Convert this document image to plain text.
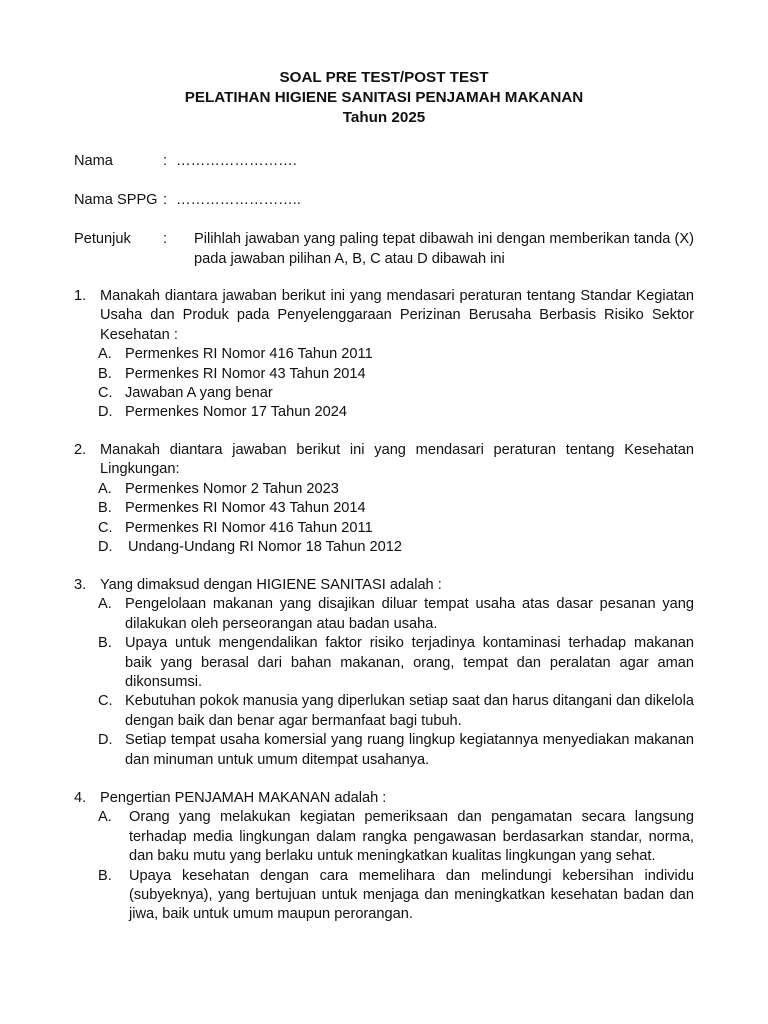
SOAL PRE TEST/POST TEST
PELATIHAN HIGIENE SANITASI PENJAMAH MAKANAN
Tahun 2025
Nama	: …………………….
Nama SPPG : ……………………..
Petunjuk : Pilihlah jawaban yang paling tepat dibawah ini dengan memberikan tanda (X) pada jawaban pilihan A, B, C atau D dibawah ini
1. Manakah diantara jawaban berikut ini yang mendasari peraturan tentang Standar Kegiatan Usaha dan Produk pada Penyelenggaraan Perizinan Berusaha Berbasis Risiko Sektor Kesehatan :
A. Permenkes RI Nomor 416 Tahun 2011
B. Permenkes RI Nomor 43 Tahun 2014
C. Jawaban A yang benar
D. Permenkes Nomor 17 Tahun 2024
2. Manakah diantara jawaban berikut ini yang mendasari peraturan tentang Kesehatan Lingkungan:
A. Permenkes Nomor 2 Tahun 2023
B. Permenkes RI Nomor 43 Tahun 2014
C. Permenkes RI Nomor 416 Tahun 2011
D. Undang-Undang RI Nomor 18 Tahun 2012
3. Yang dimaksud dengan HIGIENE SANITASI adalah :
A. Pengelolaan makanan yang disajikan diluar tempat usaha atas dasar pesanan yang dilakukan oleh perseorangan atau badan usaha.
B. Upaya untuk mengendalikan faktor risiko terjadinya kontaminasi terhadap makanan baik yang berasal dari bahan makanan, orang, tempat dan peralatan agar aman dikonsumsi.
C. Kebutuhan pokok manusia yang diperlukan setiap saat dan harus ditangani dan dikelola dengan baik dan benar agar bermanfaat bagi tubuh.
D. Setiap tempat usaha komersial yang ruang lingkup kegiatannya menyediakan makanan dan minuman untuk umum ditempat usahanya.
4. Pengertian PENJAMAH MAKANAN adalah :
A. Orang yang melakukan kegiatan pemeriksaan dan pengamatan secara langsung terhadap media lingkungan dalam rangka pengawasan berdasarkan standar, norma, dan baku mutu yang berlaku untuk meningkatkan kualitas lingkungan yang sehat.
B. Upaya kesehatan dengan cara memelihara dan melindungi kebersihan individu (subyeknya), yang bertujuan untuk menjaga dan meningkatkan kesehatan badan dan jiwa, baik untuk umum maupun perorangan.
